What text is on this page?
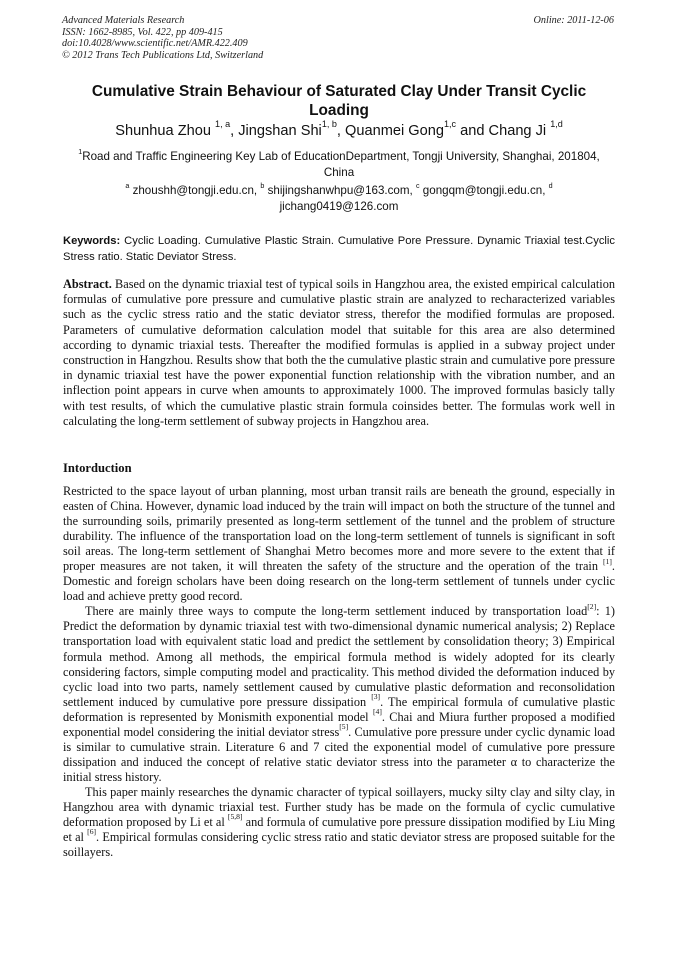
Advanced Materials Research
ISSN: 1662-8985, Vol. 422, pp 409-415
doi:10.4028/www.scientific.net/AMR.422.409
© 2012 Trans Tech Publications Ltd, Switzerland
Online: 2011-12-06
Cumulative Strain Behaviour of Saturated Clay Under Transit Cyclic Loading
Shunhua Zhou $^{1, a}$, Jingshan Shi$^{1, b}$, Quanmei Gong$^{1,c}$ and Chang Ji $^{1,d}$
$^1$Road and Traffic Engineering Key Lab of EducationDepartment, Tongji University, Shanghai, 201804, China
$^a$ zhoushh@tongji.edu.cn, $^b$ shijingshanwhpu@163.com, $^c$ gongqm@tongji.edu.cn, $^d$ jichang0419@126.com
Keywords: Cyclic Loading. Cumulative Plastic Strain. Cumulative Pore Pressure. Dynamic Triaxial test.Cyclic Stress ratio. Static Deviator Stress.
Abstract. Based on the dynamic triaxial test of typical soils in Hangzhou area, the existed empirical calculation formulas of cumulative pore pressure and cumulative plastic strain are analyzed to recharacterized variables such as the cyclic stress ratio and the static deviator stress, therefor the modified formulas are proposed. Parameters of cumulative deformation calculation model that suitable for this area are also determined according to dynamic triaxial tests. Thereafter the modified formulas is applied in a subway project under construction in Hangzhou. Results show that both the the cumulative plastic strain and cumulative pore pressure in dynamic triaxial test have the power exponential function relationship with the vibration number, and an inflection point appears in curve when amounts to approximately 1000. The improved formulas basicly tally with test results, of which the cumulative plastic strain formula coinsides better. The formulas work well in calculating the long-term settlement of subway projects in Hangzhou area.
Intorduction

Restricted to the space layout of urban planning, most urban transit rails are beneath the ground, especially in easten of China. However, dynamic load induced by the train will impact on both the structure of the tunnel and the surrounding soils, primarily presented as long-term settlement of the tunnel and the problem of structure durability. The influence of the transportation load on the long-term settlement of tunnels is significant in soft soil areas. The long-term settlement of Shanghai Metro becomes more and more severe to the extent that if proper measures are not taken, it will threaten the safety of the structure and the operation of the train [1]. Domestic and foreign scholars have been doing research on the long-term settlement of tunnels under cyclic load and achieve pretty good record.

There are mainly three ways to compute the long-term settlement induced by transportation load[2]: 1) Predict the deformation by dynamic triaxial test with two-dimensional dynamic numerical analysis; 2) Replace transportation load with equivalent static load and predict the settlement by consolidation theory; 3) Empirical formula method. Among all methods, the empirical formula method is widely adopted for its clearly considering factors, simple computing model and practicality. This method divided the deformation induced by cyclic load into two parts, namely settlement caused by cumulative plastic deformation and reconsolidation settlement induced by cumulative pore pressure dissipation [3]. The empirical formula of cumulative plastic deformation is represented by Monismith exponential model [4]. Chai and Miura further proposed a modified exponential model considering the initial deviator stress[5]. Cumulative pore pressure under cyclic dynamic load is similar to cumulative strain. Literature 6 and 7 cited the exponential model of cumulative pore pressure dissipation and induced the concept of relative static deviator stress into the parameter α to characterize the initial stress history.

This paper mainly researches the dynamic character of typical soillayers, mucky silty clay and silty clay, in Hangzhou area with dynamic triaxial test. Further study has be made on the formula of cyclic cumulative deformation proposed by Li et al [5,8] and formula of cumulative pore pressure dissipation modified by Liu Ming et al [6]. Empirical formulas considering cyclic stress ratio and static deviator stress are proposed suitable for the soillayers.
